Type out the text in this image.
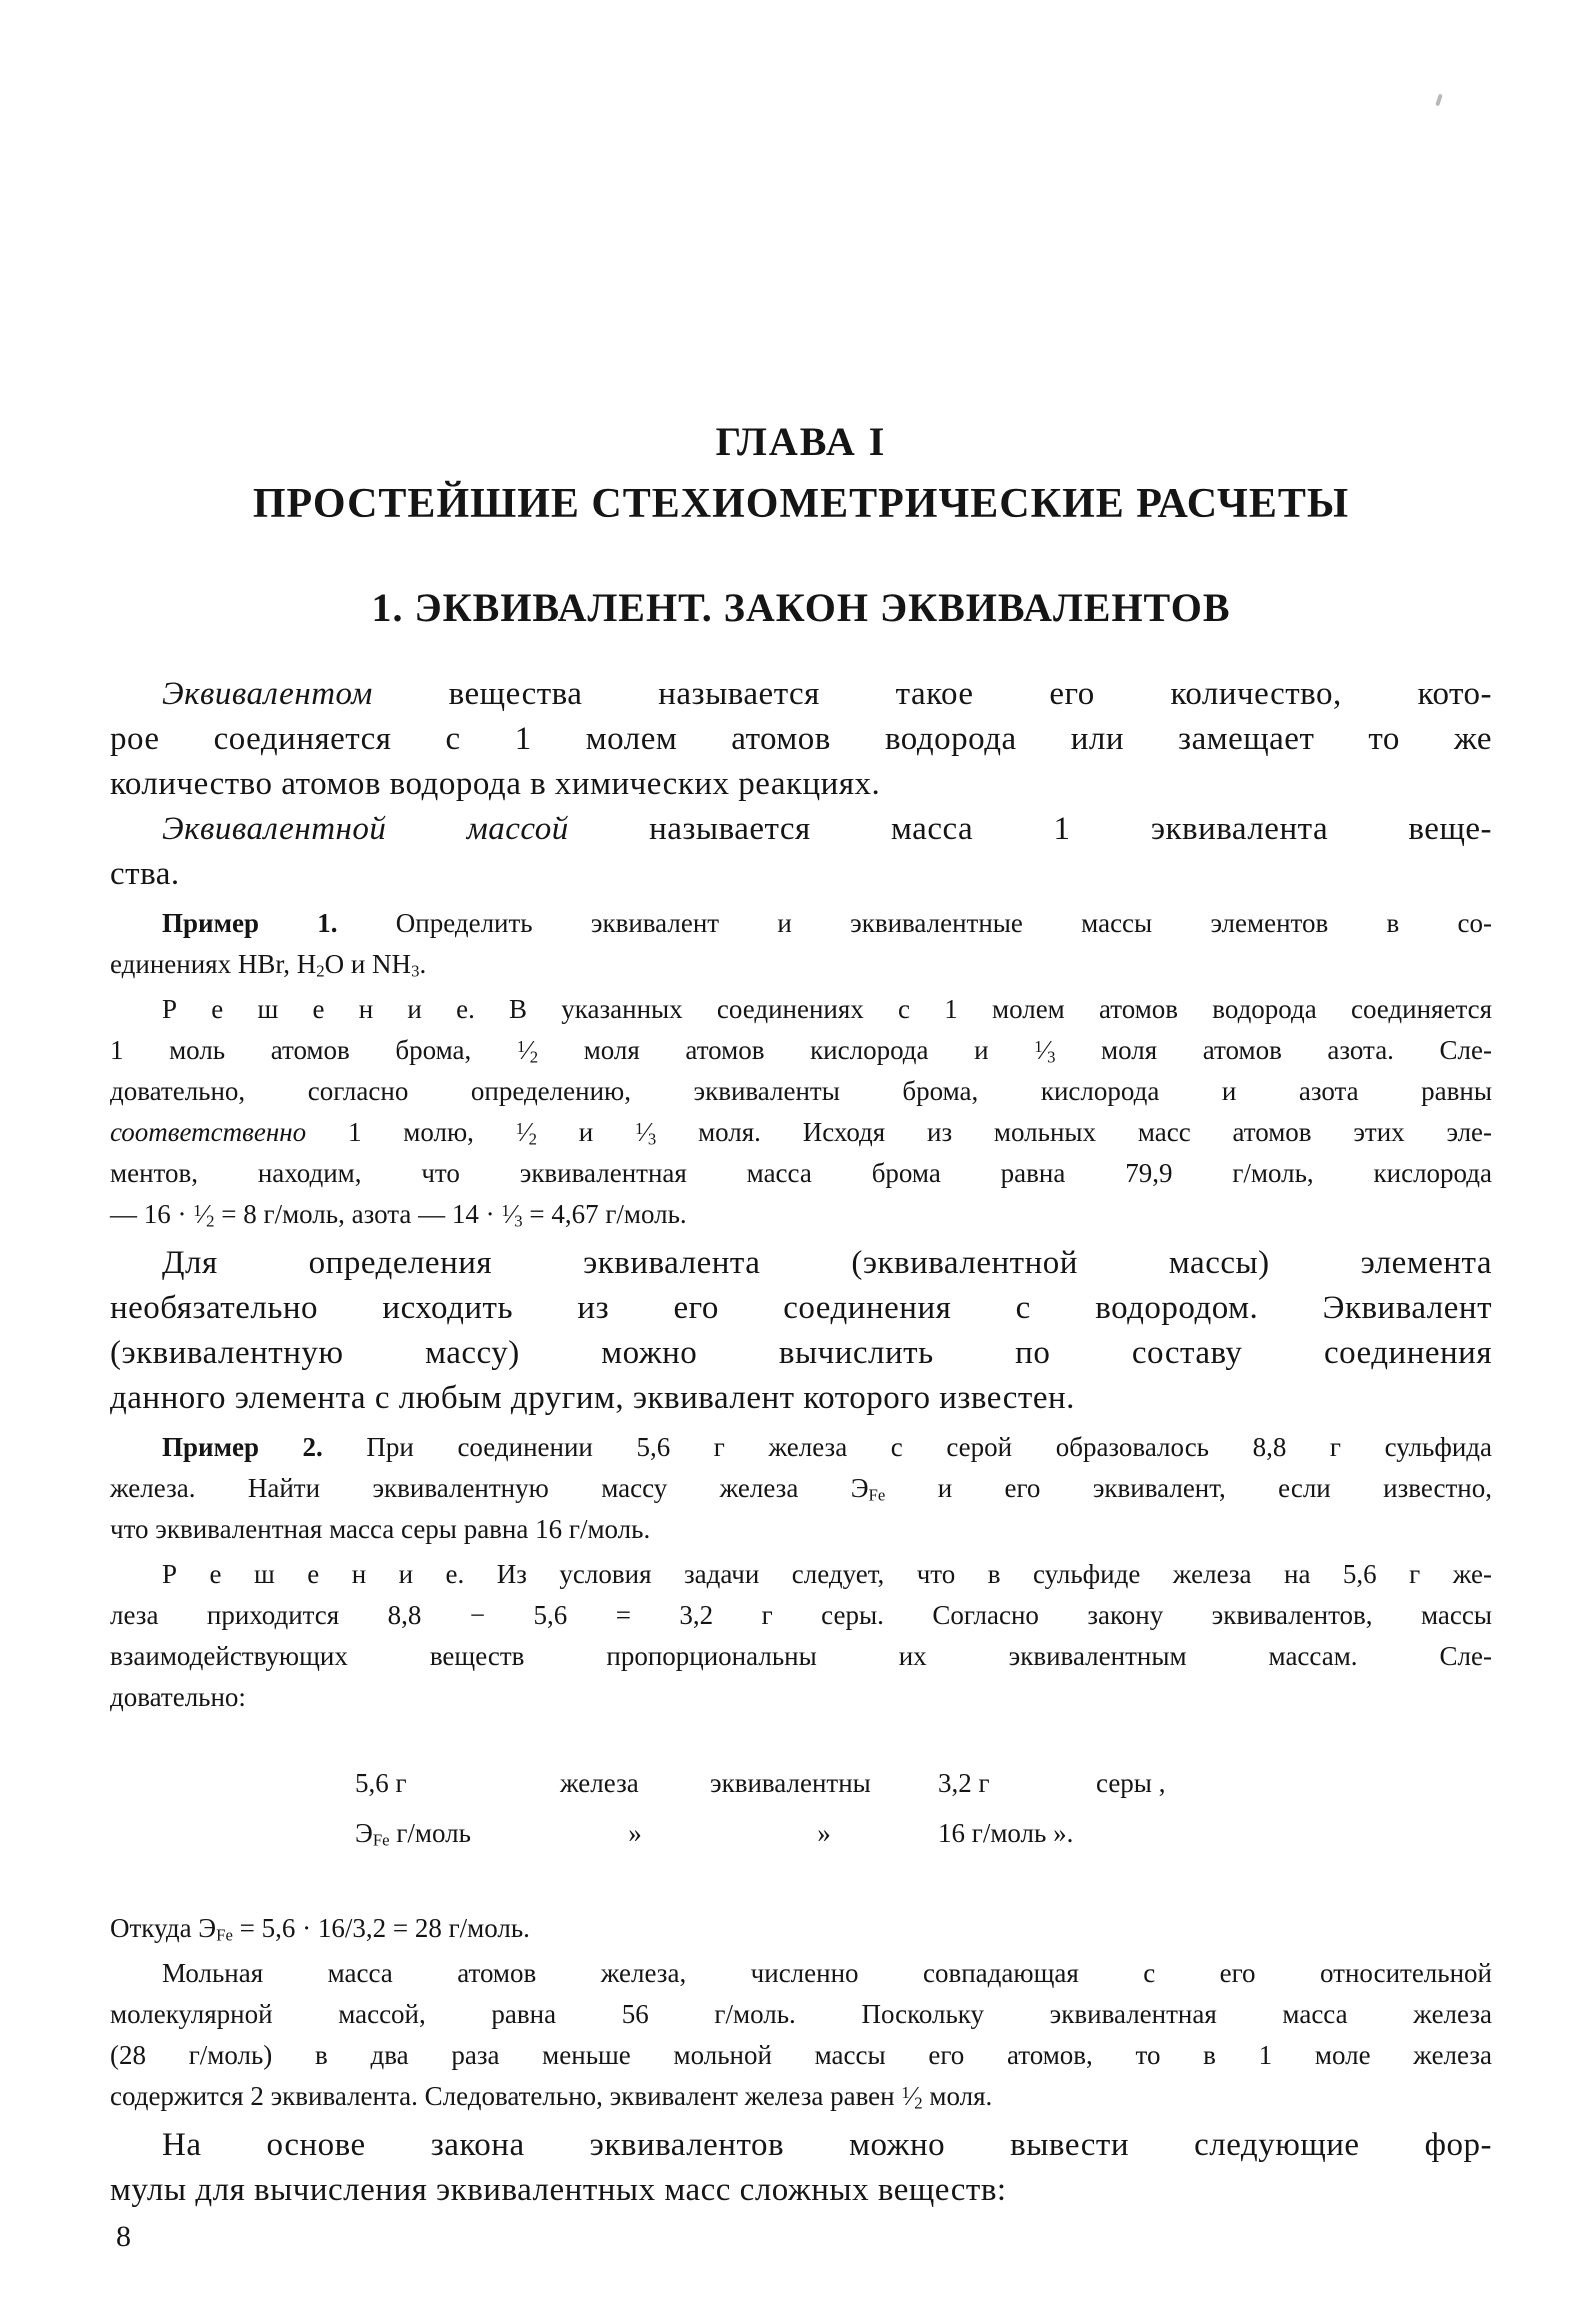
ГЛАВА I
ПРОСТЕЙШИЕ СТЕХИОМЕТРИЧЕСКИЕ РАСЧЕТЫ
1. ЭКВИВАЛЕНТ. ЗАКОН ЭКВИВАЛЕНТОВ
Эквивалентом вещества называется такое его количество, кото-
рое соединяется с 1 молем атомов водорода или замещает то же
количество атомов водорода в химических реакциях.
Эквивалентной массой называется масса 1 эквивалента веще-
ства.
Пример 1. Определить эквивалент и эквивалентные массы элементов в со-
единениях HBr, $H_2O$ и $NH_3$.
Р е ш е н и е. В указанных соединениях с 1 молем атомов водорода соединяется
1 моль атомов брома, $^1⁄_2$ моля атомов кислорода и $^1⁄_3$ моля атомов азота. Сле-
довательно, согласно определению, эквиваленты брома, кислорода и азота равны
соответственно 1 молю, $^1⁄_2$ и $^1⁄_3$ моля. Исходя из мольных масс атомов этих эле-
ментов, находим, что эквивалентная масса брома равна 79,9 г/моль, кислорода
— $16 \cdot ^1⁄_2 = 8$ г/моль, азота — $14 \cdot ^1⁄_3 = 4,67$ г/моль.
Для определения эквивалента (эквивалентной массы) элемента
необязательно исходить из его соединения с водородом. Эквивалент
(эквивалентную массу) можно вычислить по составу соединения
данного элемента с любым другим, эквивалент которого известен.
Пример 2. При соединении 5,6 г железа с серой образовалось 8,8 г сульфида
железа. Найти эквивалентную массу железа $Э_{Fe}$ и его эквивалент, если известно,
что эквивалентная масса серы равна 16 г/моль.
Р е ш е н и е. Из условия задачи следует, что в сульфиде железа на 5,6 г же-
леза приходится 8,8 − 5,6 = 3,2 г серы. Согласно закону эквивалентов, массы
взаимодействующих веществ пропорциональны их эквивалентным массам. Сле-
довательно:
5,6 г	железа	эквивалентны	3,2 г	серы ,
$Э_{Fe}$ г/моль	»	»	16 г/моль ».
Откуда $Э_{Fe} = 5,6 \cdot 16/3,2 = 28$ г/моль.
Мольная масса атомов железа, численно совпадающая с его относительной
молекулярной массой, равна 56 г/моль. Поскольку эквивалентная масса железа
(28 г/моль) в два раза меньше мольной массы его атомов, то в 1 моле железа
содержится 2 эквивалента. Следовательно, эквивалент железа равен $^1⁄_2$ моля.
На основе закона эквивалентов можно вывести следующие фор-
мулы для вычисления эквивалентных масс сложных веществ:
8
